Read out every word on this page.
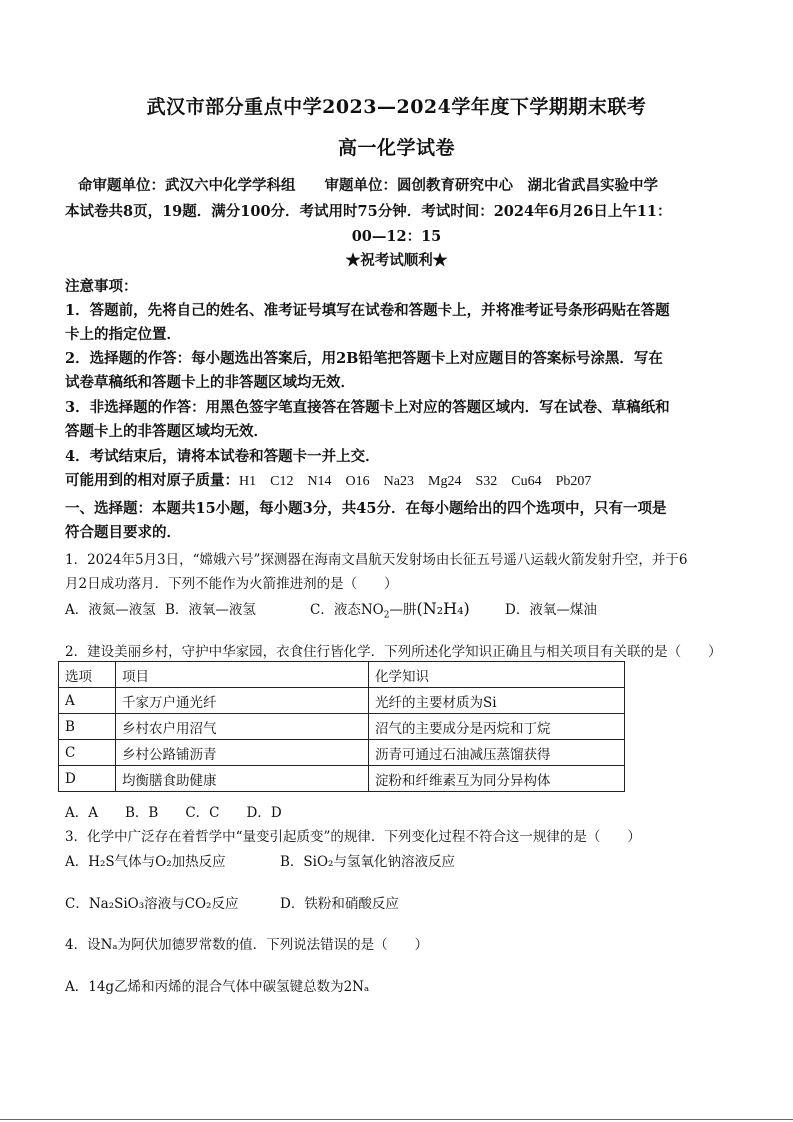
武汉市部分重点中学2023—2024学年度下学期期末联考
高一化学试卷
命审题单位：武汉六中化学学科组　　审题单位：圆创教育研究中心　湖北省武昌实验中学
本试卷共8页，19题．满分100分．考试用时75分钟．考试时间：2024年6月26日上午11：
00—12：15
★祝考试顺利★
注意事项：
1．答题前，先将自己的姓名、准考证号填写在试卷和答题卡上，并将准考证号条形码贴在答题
卡上的指定位置．
2．选择题的作答：每小题选出答案后，用2B铅笔把答题卡上对应题目的答案标号涂黑．写在
试卷草稿纸和答题卡上的非答题区域均无效．
3．非选择题的作答：用黑色签字笔直接答在答题卡上对应的答题区域内．写在试卷、草稿纸和
答题卡上的非答题区域均无效．
4．考试结束后，请将本试卷和答题卡一并上交．
可能用到的相对原子质量：H1　C12　N14　O16　Na23　Mg24　S32　Cu64　Pb207
一、选择题：本题共15小题，每小题3分，共45分．在每小题给出的四个选项中，只有一项是
符合题目要求的．
1．2024年5月3日，“嫦娥六号”探测器在海南文昌航天发射场由长征五号遥八运载火箭发射升空，并于6
月2日成功落月．下列不能作为火箭推进剂的是（　　）
A．液氮—液氢 B．液氧—液氢	C．液态$NO_2—$肼(N₂H₄)	D．液氧—煤油
2．建设美丽乡村，守护中华家园，衣食住行皆化学．下列所述化学知识正确且与相关项目有关联的是（　　）
选项	项目	化学知识
A	千家万户通光纤	光纤的主要材质为Si
B	乡村农户用沼气	沼气的主要成分是丙烷和丁烷
C	乡村公路铺沥青	沥青可通过石油减压蒸馏获得
D	均衡膳食助健康	淀粉和纤维素互为同分异构体
A．A　　B．B　　C．C　　D．D
3．化学中广泛存在着哲学中“量变引起质变”的规律．下列变化过程不符合这一规律的是（　　）
A．H₂S气体与O₂加热反应	B．SiO₂与氢氧化钠溶液反应
C．Na₂SiO₃溶液与CO₂反应	D．铁粉和硝酸反应
4．设Nₐ为阿伏加德罗常数的值．下列说法错误的是（　　）
A．14g乙烯和丙烯的混合气体中碳氢键总数为2Nₐ
